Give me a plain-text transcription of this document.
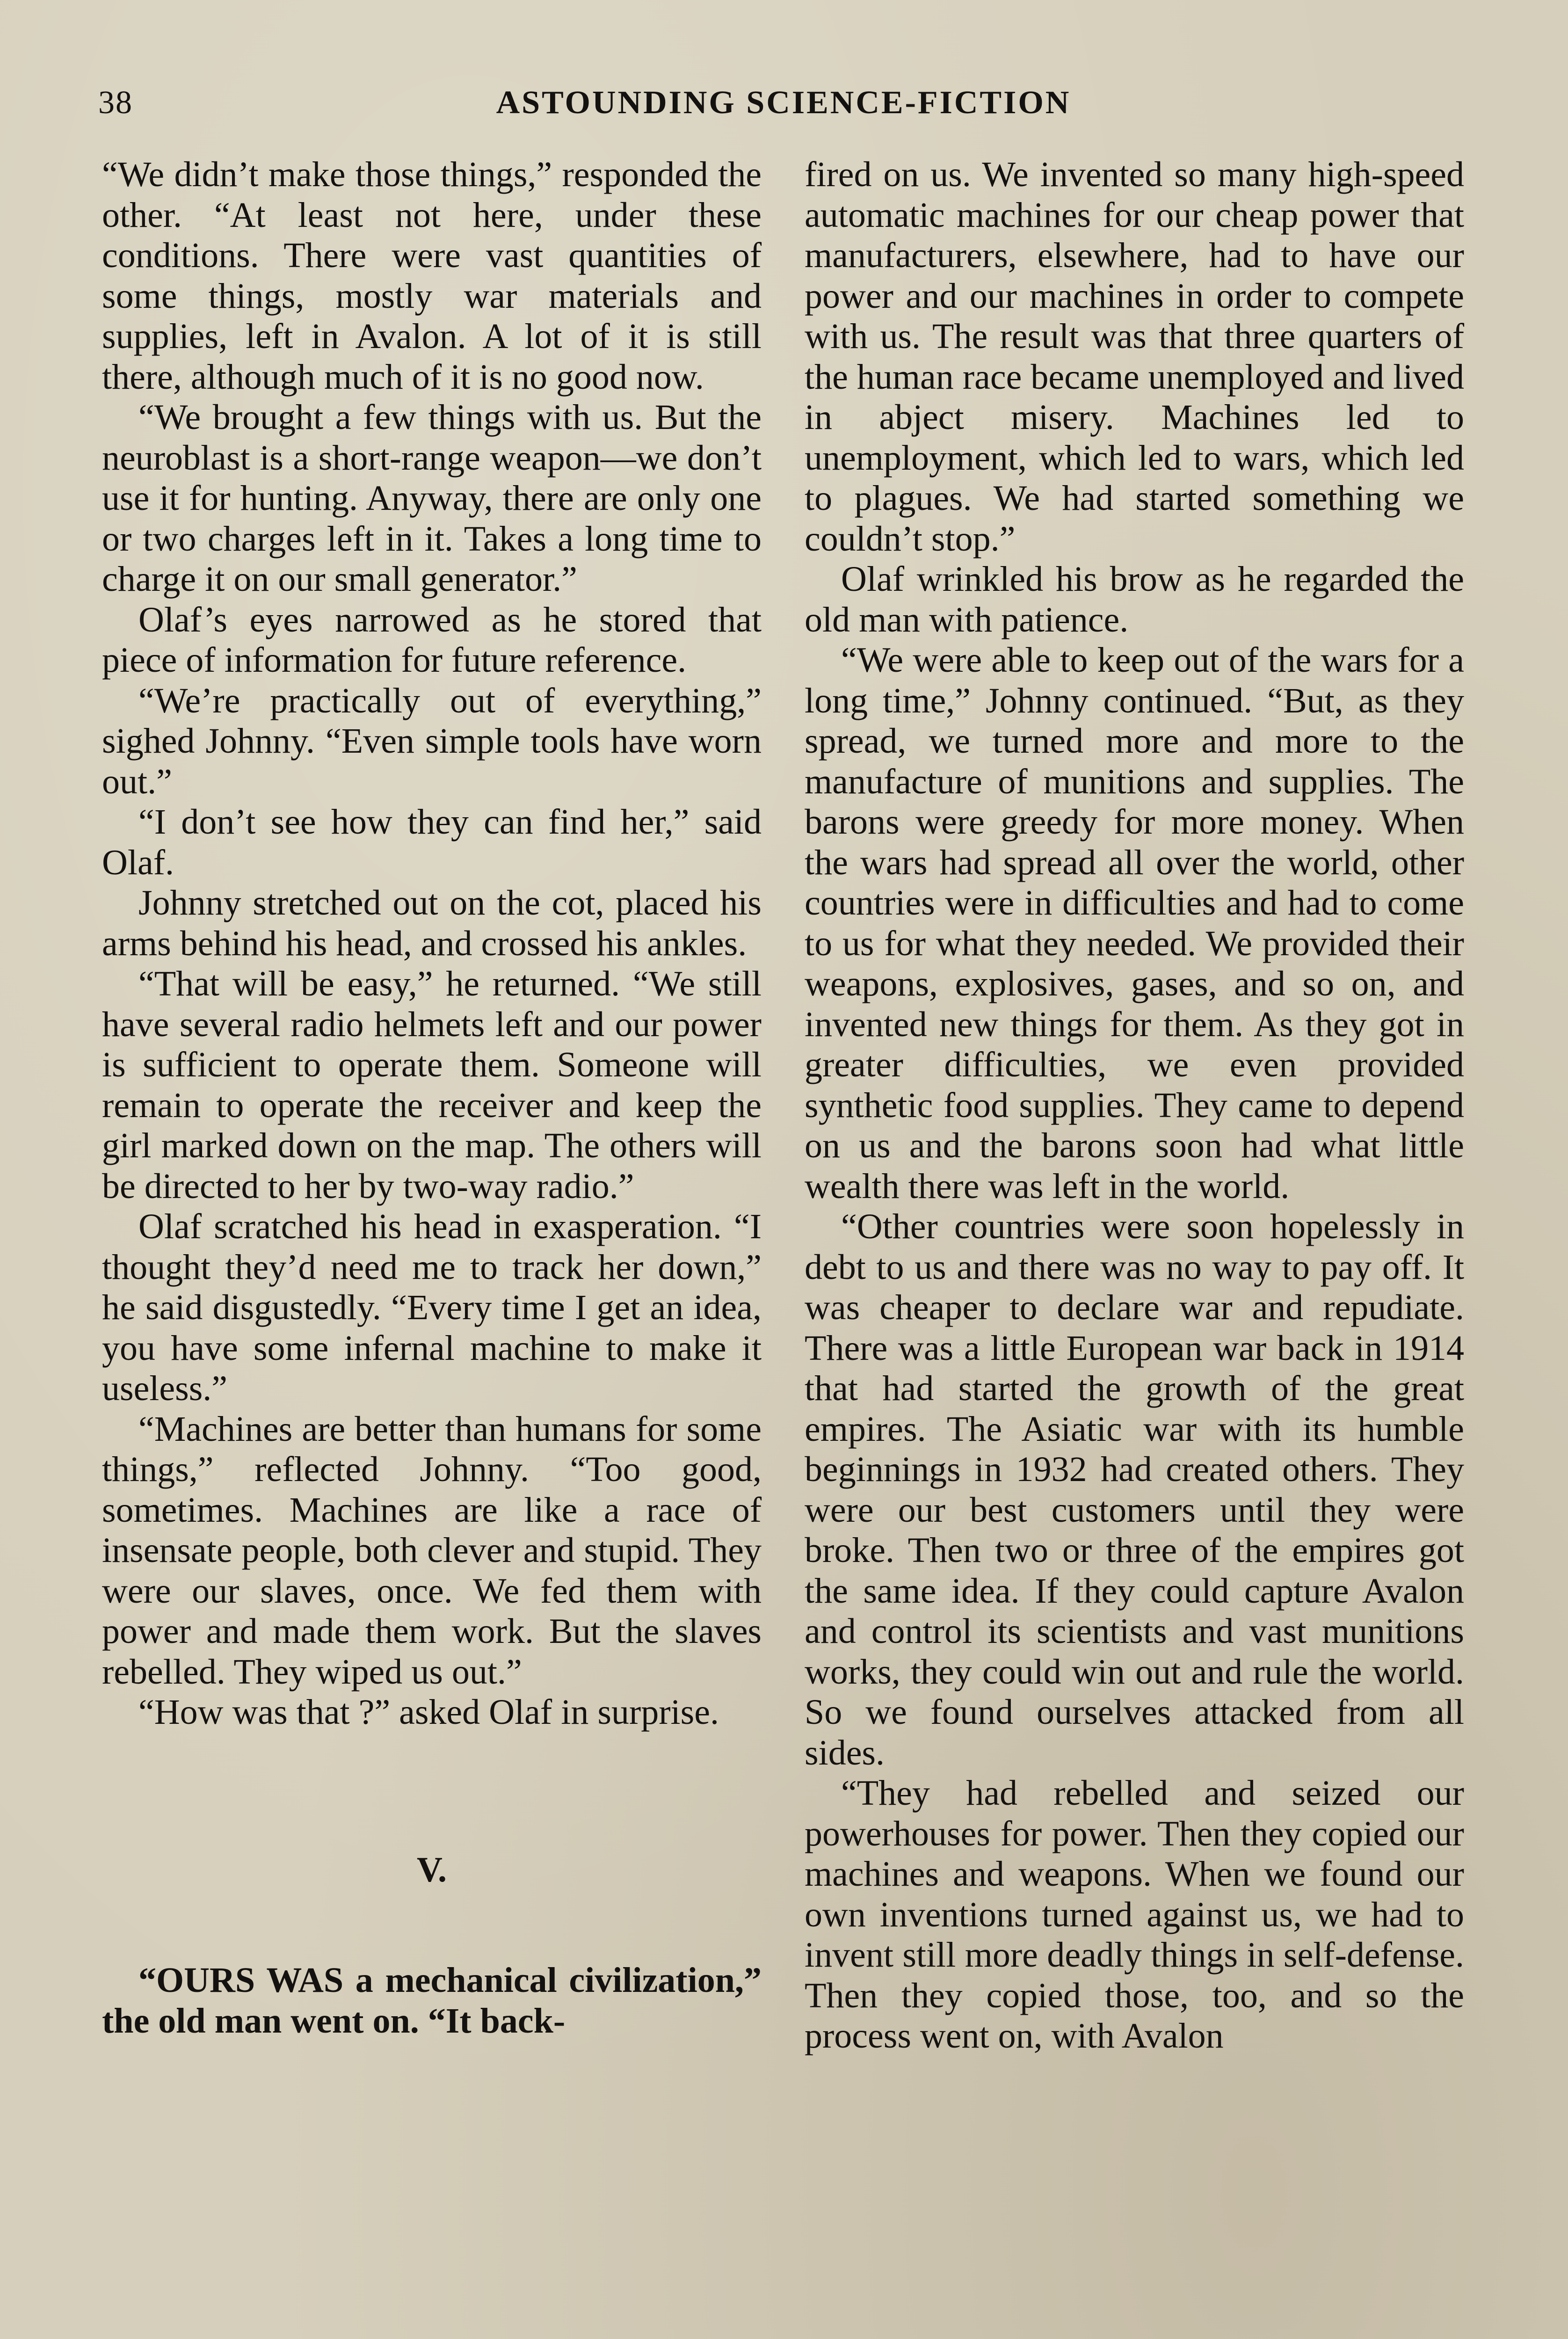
38	ASTOUNDING SCIENCE-FICTION

“We didn’t make those things,” responded the other. “At least not here, under these conditions. There were vast quantities of some things, mostly war materials and supplies, left in Avalon. A lot of it is still there, although much of it is no good now.

“We brought a few things with us. But the neuroblast is a short-range weapon—we don’t use it for hunting. Anyway, there are only one or two charges left in it. Takes a long time to charge it on our small generator.”

Olaf’s eyes narrowed as he stored that piece of information for future reference.

“We’re practically out of everything,” sighed Johnny. “Even simple tools have worn out.”

“I don’t see how they can find her,” said Olaf.

Johnny stretched out on the cot, placed his arms behind his head, and crossed his ankles.

“That will be easy,” he returned. “We still have several radio helmets left and our power is sufficient to operate them. Someone will remain to operate the receiver and keep the girl marked down on the map. The others will be directed to her by two-way radio.”

Olaf scratched his head in exasperation. “I thought they’d need me to track her down,” he said disgustedly. “Every time I get an idea, you have some infernal machine to make it useless.”

“Machines are better than humans for some things,” reflected Johnny. “Too good, sometimes. Machines are like a race of insensate people, both clever and stupid. They were our slaves, once. We fed them with power and made them work. But the slaves rebelled. They wiped us out.”

“How was that ?” asked Olaf in surprise.

V.

“OURS WAS a mechanical civilization,” the old man went on. “It back-

fired on us. We invented so many high-speed automatic machines for our cheap power that manufacturers, elsewhere, had to have our power and our machines in order to compete with us. The result was that three quarters of the human race became unemployed and lived in abject misery. Machines led to unemployment, which led to wars, which led to plagues. We had started something we couldn’t stop.”

Olaf wrinkled his brow as he regarded the old man with patience.

“We were able to keep out of the wars for a long time,” Johnny continued. “But, as they spread, we turned more and more to the manufacture of munitions and supplies. The barons were greedy for more money. When the wars had spread all over the world, other countries were in difficulties and had to come to us for what they needed. We provided their weapons, explosives, gases, and so on, and invented new things for them. As they got in greater difficulties, we even provided synthetic food supplies. They came to depend on us and the barons soon had what little wealth there was left in the world.

“Other countries were soon hopelessly in debt to us and there was no way to pay off. It was cheaper to declare war and repudiate. There was a little European war back in 1914 that had started the growth of the great empires. The Asiatic war with its humble beginnings in 1932 had created others. They were our best customers until they were broke. Then two or three of the empires got the same idea. If they could capture Avalon and control its scientists and vast munitions works, they could win out and rule the world. So we found ourselves attacked from all sides.

“They had rebelled and seized our powerhouses for power. Then they copied our machines and weapons. When we found our own inventions turned against us, we had to invent still more deadly things in self-defense. Then they copied those, too, and so the process went on, with Avalon
